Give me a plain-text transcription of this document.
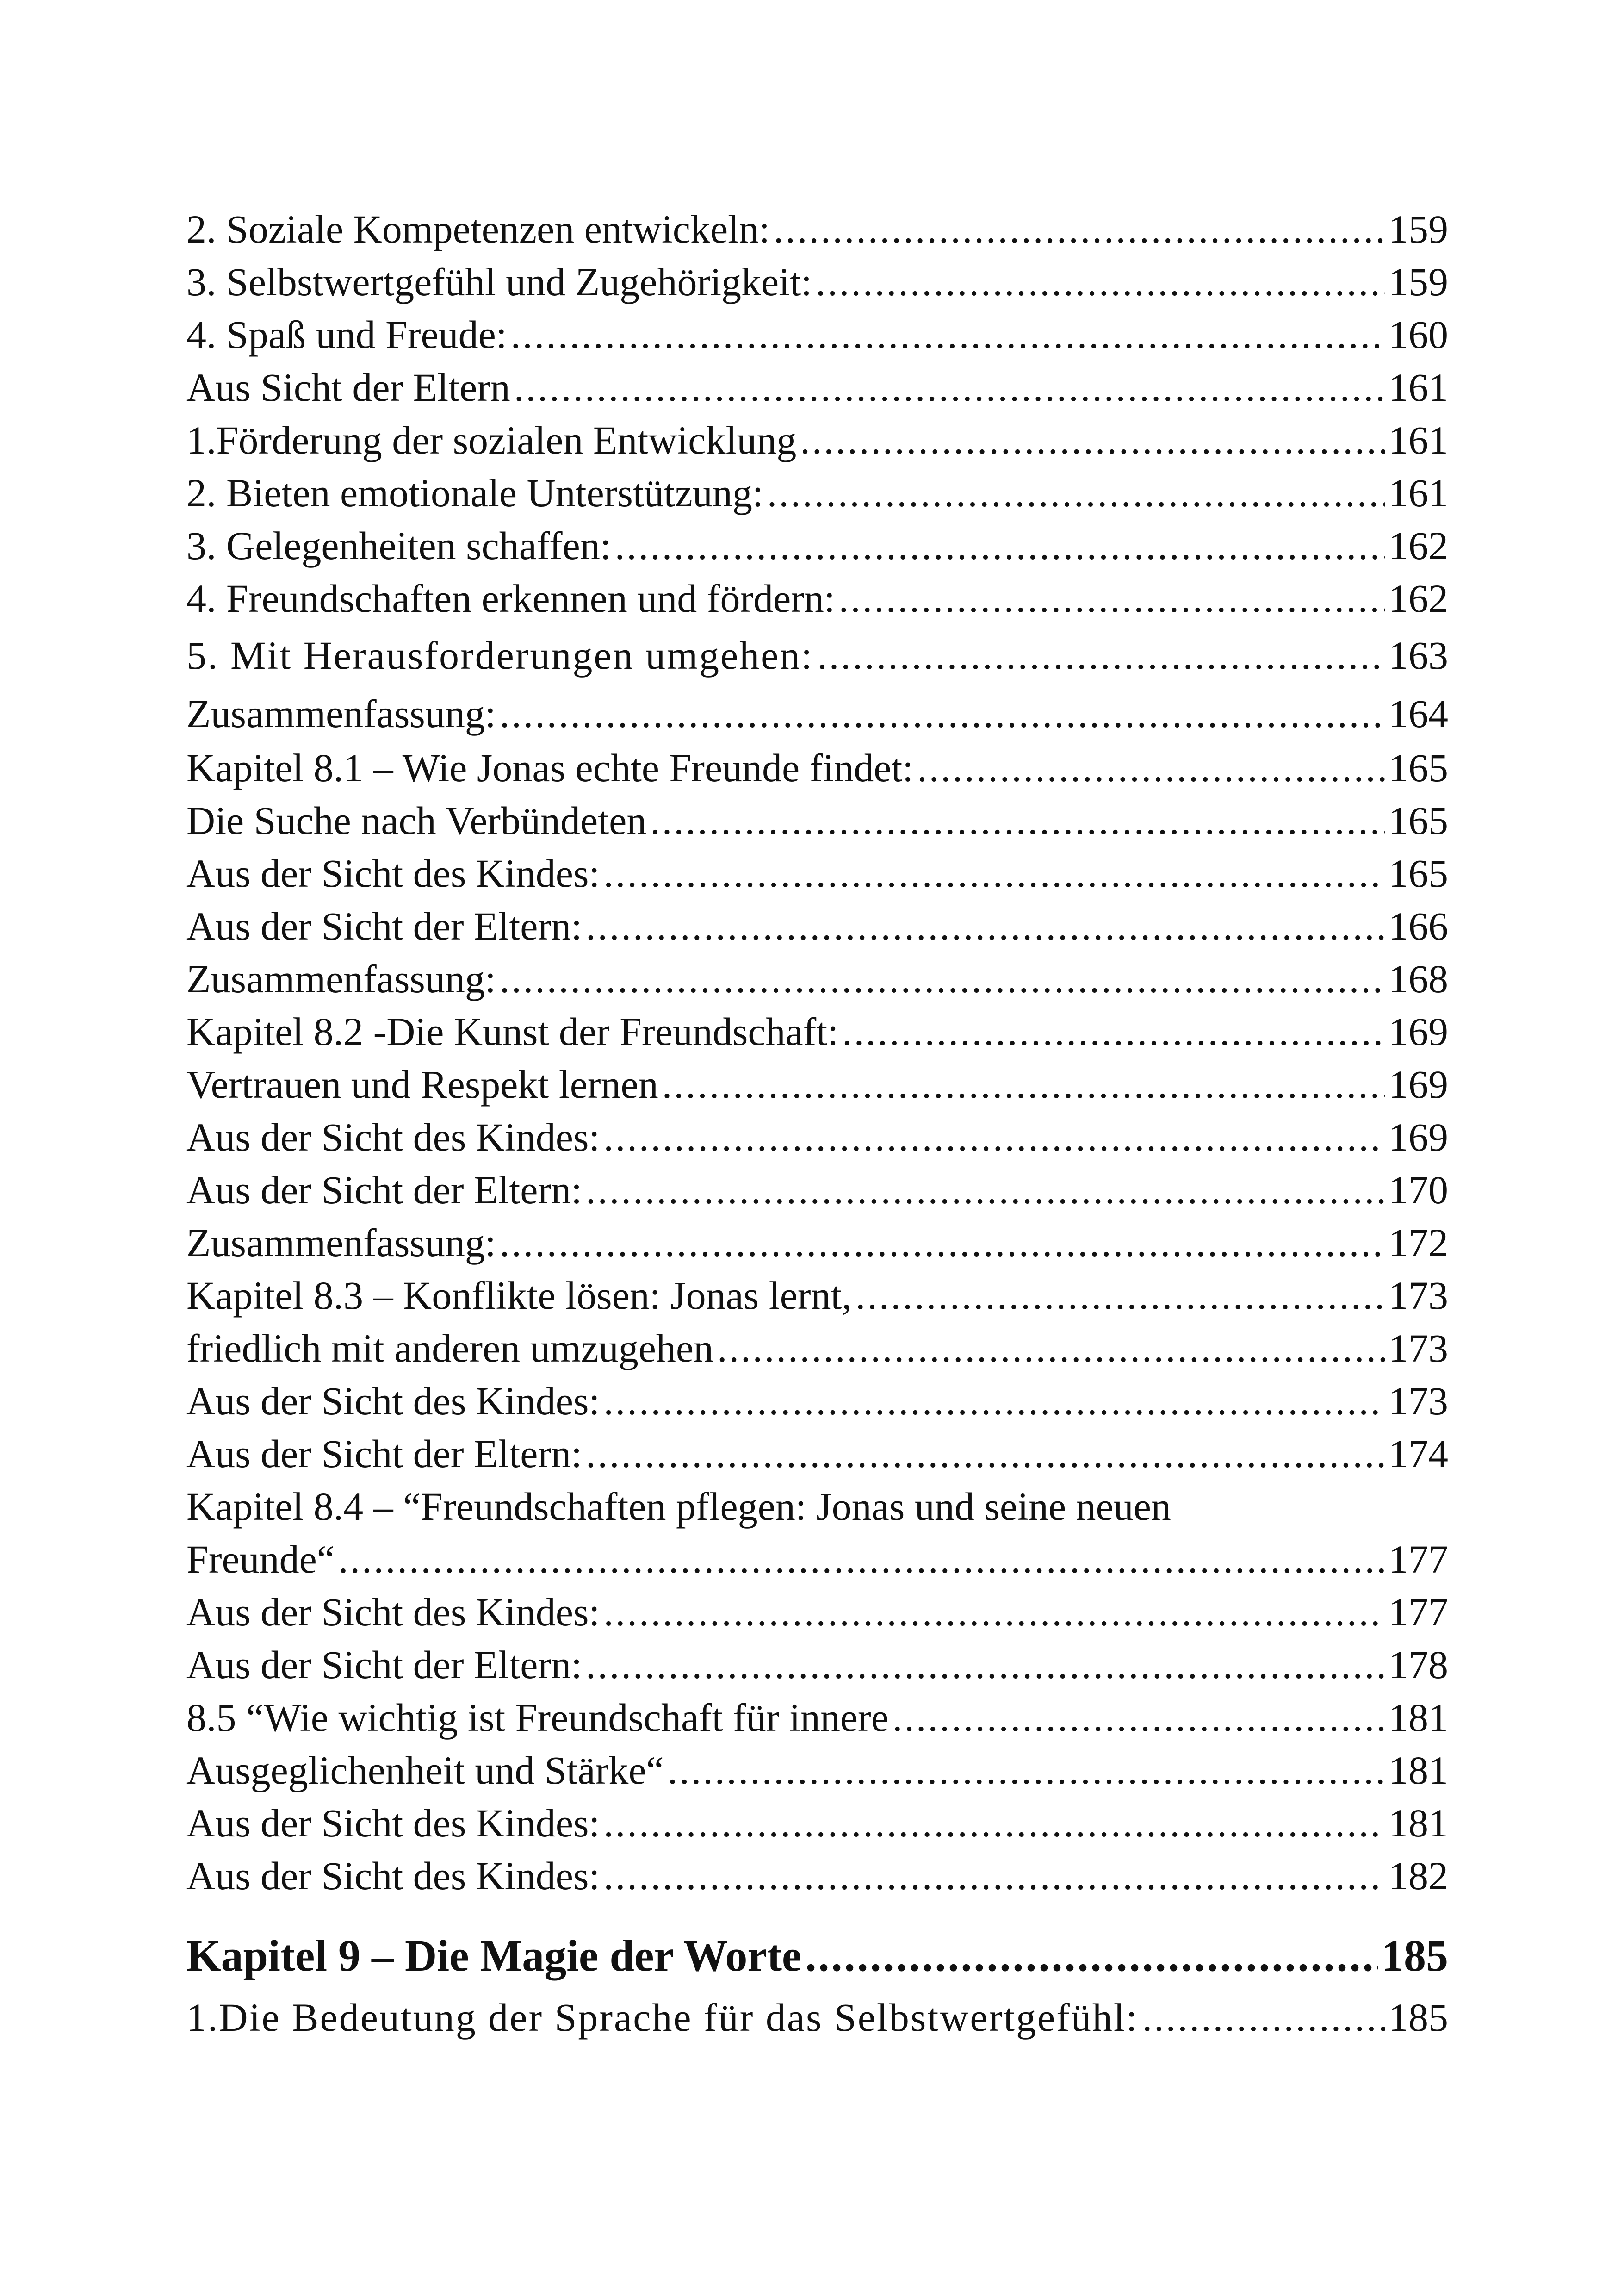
2. Soziale Kompetenzen entwickeln: .....	159
3. Selbstwertgefühl und Zugehörigkeit: .....	159
4. Spaß und Freude: .....	160
Aus Sicht der Eltern .....	161
1.Förderung der sozialen Entwicklung .....	161
2. Bieten emotionale Unterstützung: .....	161
3. Gelegenheiten schaffen: .....	162
4. Freundschaften erkennen und fördern: .....	162
5. Mit Herausforderungen umgehen: .....	163
Zusammenfassung: .....	164
Kapitel 8.1 – Wie Jonas echte Freunde findet: .....	165
Die Suche nach Verbündeten .....	165
Aus der Sicht des Kindes: .....	165
Aus der Sicht der Eltern: .....	166
Zusammenfassung: .....	168
Kapitel 8.2 -Die Kunst der Freundschaft: .....	169
Vertrauen und Respekt lernen .....	169
Aus der Sicht des Kindes: .....	169
Aus der Sicht der Eltern: .....	170
Zusammenfassung: .....	172
Kapitel 8.3 – Konflikte lösen: Jonas lernt, .....	173
friedlich mit anderen umzugehen .....	173
Aus der Sicht des Kindes: .....	173
Aus der Sicht der Eltern: .....	174
Kapitel 8.4 – “Freundschaften pflegen: Jonas und seine neuen
Freunde“ .....	177
Aus der Sicht des Kindes: .....	177
Aus der Sicht der Eltern: .....	178
8.5 “Wie wichtig ist Freundschaft für innere .....	181
Ausgeglichenheit und Stärke“ .....	181
Aus der Sicht des Kindes: .....	181
Aus der Sicht des Kindes: .....	182
Kapitel 9 – Die Magie der Worte .....	185
1.Die Bedeutung der Sprache für das Selbstwertgefühl: .....	185
